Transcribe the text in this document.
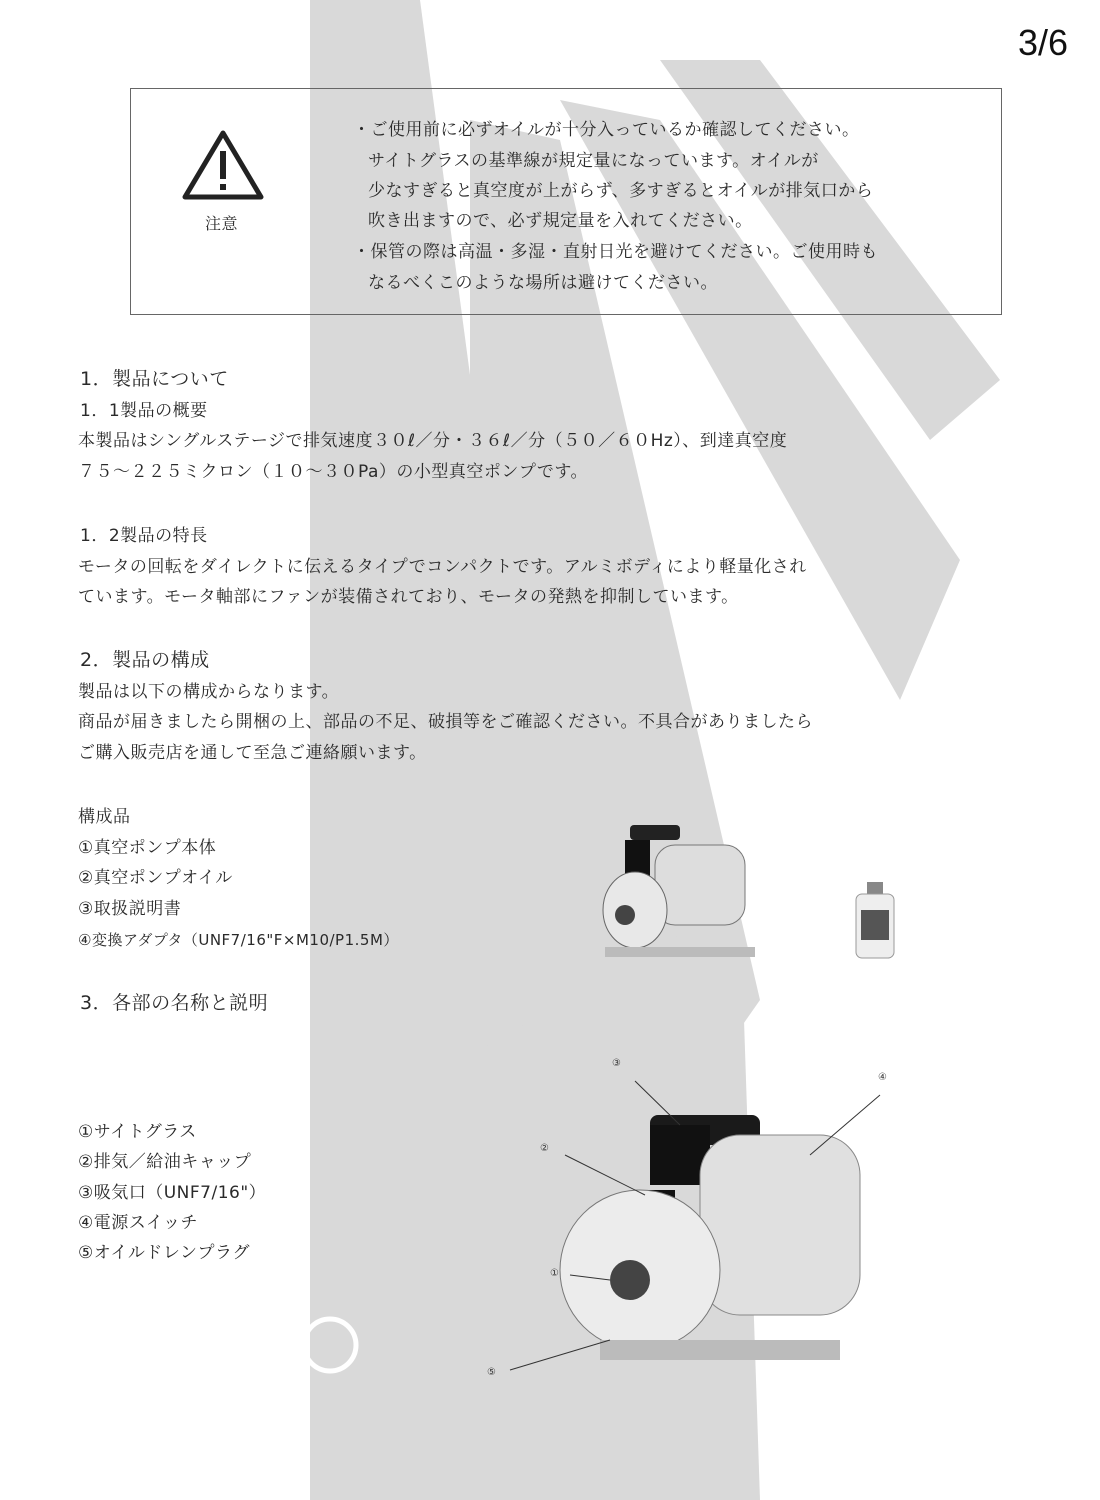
3/6
注意
・ご使用前に必ずオイルが十分入っているか確認してください。
サイトグラスの基準線が規定量になっています。オイルが
少なすぎると真空度が上がらず、多すぎるとオイルが排気口から
吹き出ますので、必ず規定量を入れてください。
・保管の際は高温・多湿・直射日光を避けてください。ご使用時も
なるべくこのような場所は避けてください。
1．製品について
1．1製品の概要
本製品はシングルステージで排気速度３０ℓ／分・３６ℓ／分（５０／６０Hz）、到達真空度
７５～２２５ミクロン（１０～３０Pa）の小型真空ポンプです。
1．2製品の特長
モータの回転をダイレクトに伝えるタイプでコンパクトです。アルミボディにより軽量化され
ています。モータ軸部にファンが装備されており、モータの発熱を抑制しています。
2．製品の構成
製品は以下の構成からなります。
商品が届きましたら開梱の上、部品の不足、破損等をご確認ください。不具合がありましたら
ご購入販売店を通して至急ご連絡願います。
構成品
①真空ポンプ本体
②真空ポンプオイル
③取扱説明書
④変換アダプタ（UNF7/16"F×M10/P1.5M）
3．各部の名称と説明
①サイトグラス
②排気／給油キャップ
③吸気口（UNF7/16"）
④電源スイッチ
⑤オイルドレンプラグ
③
④
②
①
⑤
